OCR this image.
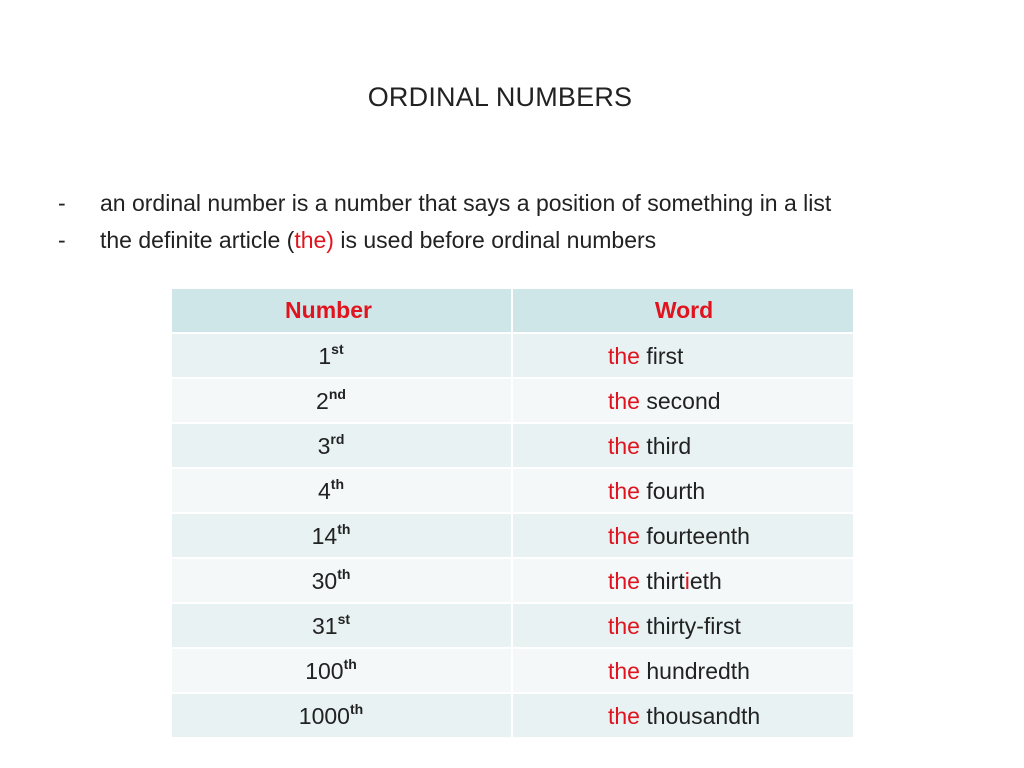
ORDINAL NUMBERS
- an ordinal number is a number that says a position of something in a list
- the definite article (the) is used before ordinal numbers
Number	Word

1st	the first

2nd	the second

3rd	the third

4th	the fourth

14th	the fourteenth

30th	the thirtieth

31st	the thirty-first

100th	the hundredth

1000th	the thousandth
